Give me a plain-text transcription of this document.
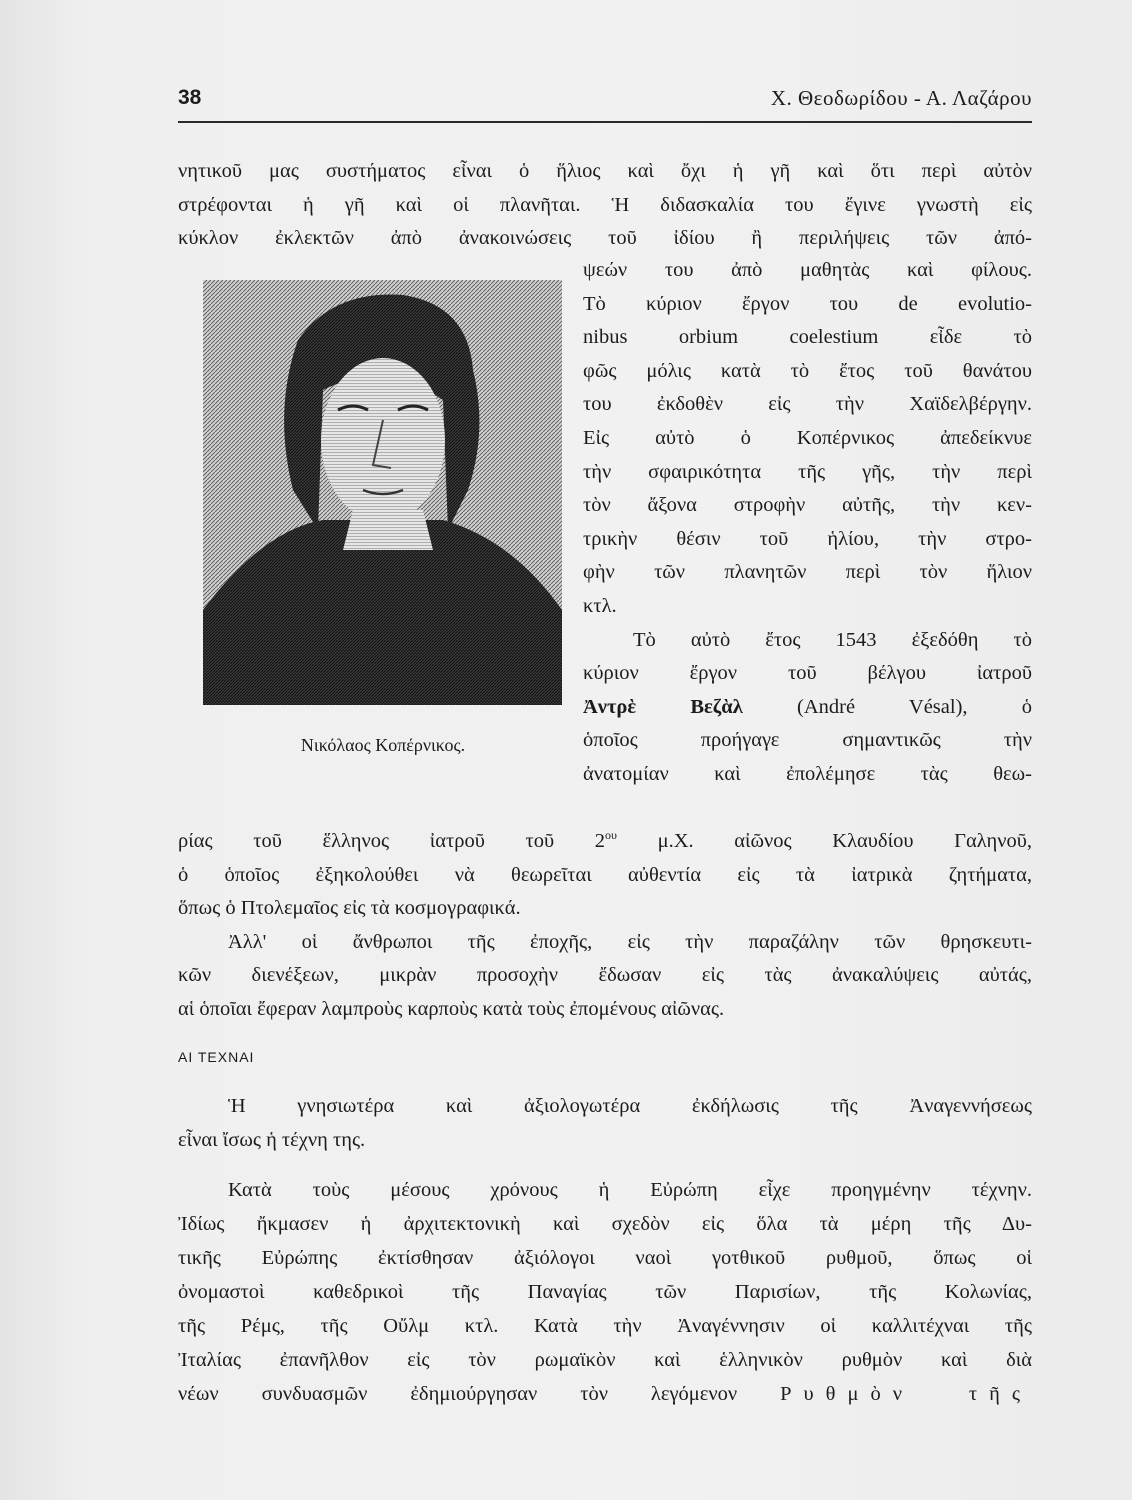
38	Χ. Θεοδωρίδου - Α. Λαζάρου
νητικοῦ μας συστήματος εἶναι ὁ ἥλιος καὶ ὄχι ἡ γῆ καὶ ὅτι περὶ αὐτὸν
στρέφονται ἡ γῆ καὶ οἱ πλανῆται. Ἡ διδασκαλία του ἔγινε γνωστὴ εἰς
κύκλον ἐκλεκτῶν ἀπὸ ἀνακοινώσεις τοῦ ἰδίου ἢ περιλήψεις τῶν ἀπό-
Νικόλαος Κοπέρνικος.
ψεών του ἀπὸ μαθητὰς καὶ φίλους.
Τὸ κύριον ἔργον του de evolutio-
nibus orbium coelestium εἶδε τὸ
φῶς μόλις κατὰ τὸ ἔτος τοῦ θανάτου
του ἐκδοθὲν εἰς τὴν Χαϊδελβέργην.
Εἰς αὐτὸ ὁ Κοπέρνικος ἀπεδείκνυε
τὴν σφαιρικότητα τῆς γῆς, τὴν περὶ
τὸν ἄξονα στροφὴν αὐτῆς, τὴν κεν-
τρικὴν θέσιν τοῦ ἡλίου, τὴν στρο-
φὴν τῶν πλανητῶν περὶ τὸν ἥλιον
κτλ.
Τὸ αὐτὸ ἔτος 1543 ἐξεδόθη τὸ
κύριον ἔργον τοῦ βέλγου ἰατροῦ
Ἀντρὲ Βεζὰλ	(André Vésal), ὁ
ὁποῖος προήγαγε σημαντικῶς τὴν
ἀνατομίαν καὶ ἐπολέμησε τὰς θεω-
ρίας τοῦ ἕλληνος ἰατροῦ τοῦ $2^{o\upsilon}$ μ.Χ. αἰῶνος Κλαυδίου Γαληνοῦ,
ὁ ὁποῖος ἐξηκολούθει νὰ θεωρεῖται αὐθεντία εἰς τὰ ἰατρικὰ ζητήματα,
ὅπως ὁ Πτολεμαῖος εἰς τὰ κοσμογραφικά.
Ἀλλ' οἱ ἄνθρωποι τῆς ἐποχῆς, εἰς τὴν παραζάλην τῶν θρησκευτι-
κῶν διενέξεων, μικρὰν προσοχὴν ἔδωσαν εἰς τὰς ἀνακαλύψεις αὐτάς,
αἱ ὁποῖαι ἔφεραν λαμπροὺς καρποὺς κατὰ τοὺς ἐπομένους αἰῶνας.
ΑΙ ΤΕΧΝΑΙ
Ἡ γνησιωτέρα καὶ ἀξιολογωτέρα ἐκδήλωσις τῆς Ἀναγεννήσεως
εἶναι ἴσως ἡ τέχνη της.
Κατὰ τοὺς μέσους χρόνους ἡ Εὐρώπη εἶχε προηγμένην τέχνην.
Ἰδίως ἤκμασεν ἡ ἀρχιτεκτονικὴ καὶ σχεδὸν εἰς ὅλα τὰ μέρη τῆς Δυ-
τικῆς Εὐρώπης ἐκτίσθησαν ἀξιόλογοι ναοὶ γοτθικοῦ ρυθμοῦ, ὅπως οἱ
ὀνομαστοὶ καθεδρικοὶ τῆς Παναγίας τῶν Παρισίων, τῆς Κολωνίας,
τῆς Ρέμς, τῆς Οὔλμ κτλ. Κατὰ τὴν Ἀναγέννησιν οἱ καλλιτέχναι τῆς
Ἰταλίας ἐπανῆλθον εἰς τὸν ρωμαϊκὸν καὶ ἑλληνικὸν ρυθμὸν καὶ διὰ
νέων συνδυασμῶν ἐδημιούργησαν τὸν λεγόμενον Ρυθμὸν τῆς
